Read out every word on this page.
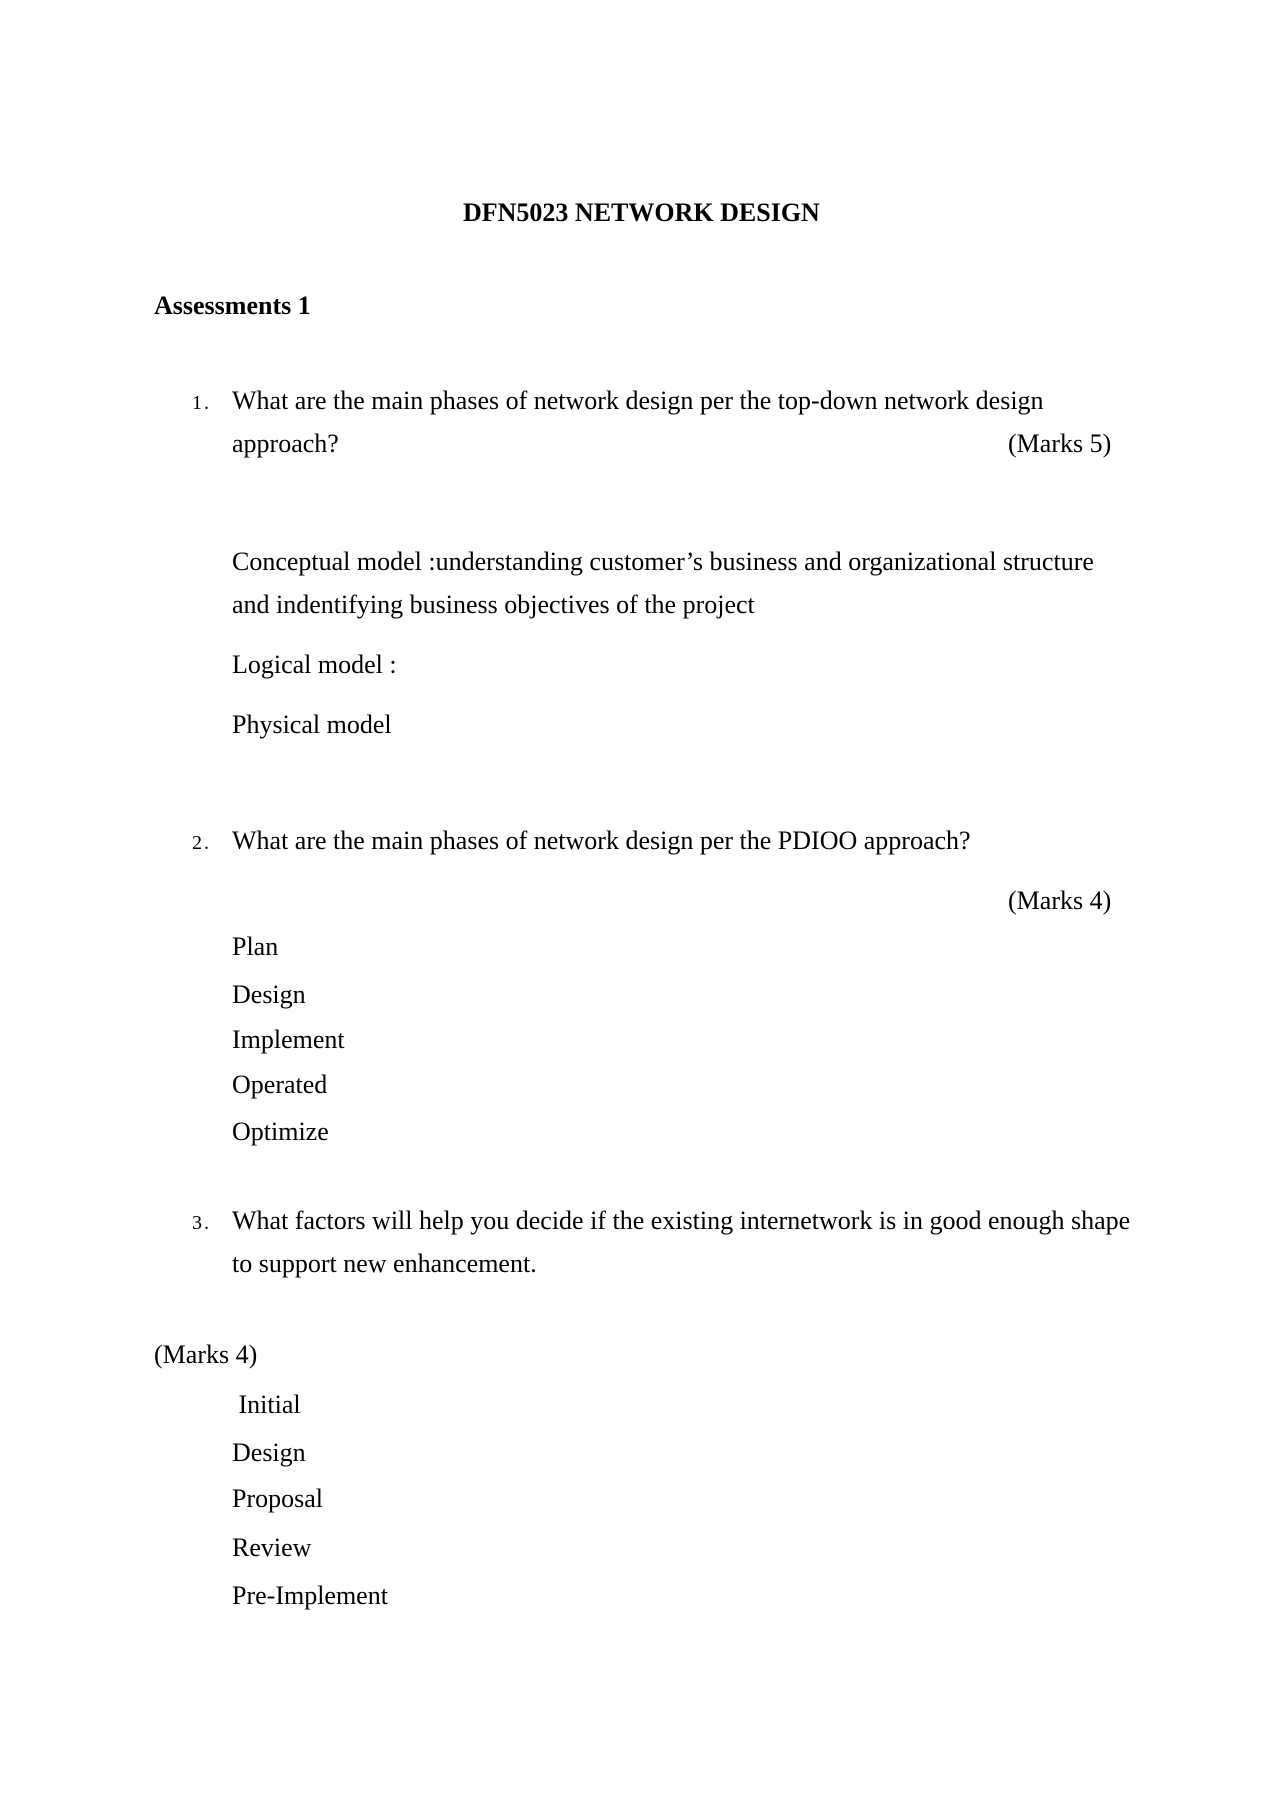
DFN5023 NETWORK DESIGN
Assessments 1
1. What are the main phases of network design per the top-down network design
approach?	(Marks 5)
Conceptual model :understanding customer’s business and organizational structure
and indentifying business objectives of the project
Logical model :
Physical model
2. What are the main phases of network design per the PDIOO approach?
(Marks 4)
Plan
Design
Implement
Operated
Optimize
3. What factors will help you decide if the existing internetwork is in good enough shape
to support new enhancement.
(Marks 4)
Initial
Design
Proposal
Review
Pre-Implement
